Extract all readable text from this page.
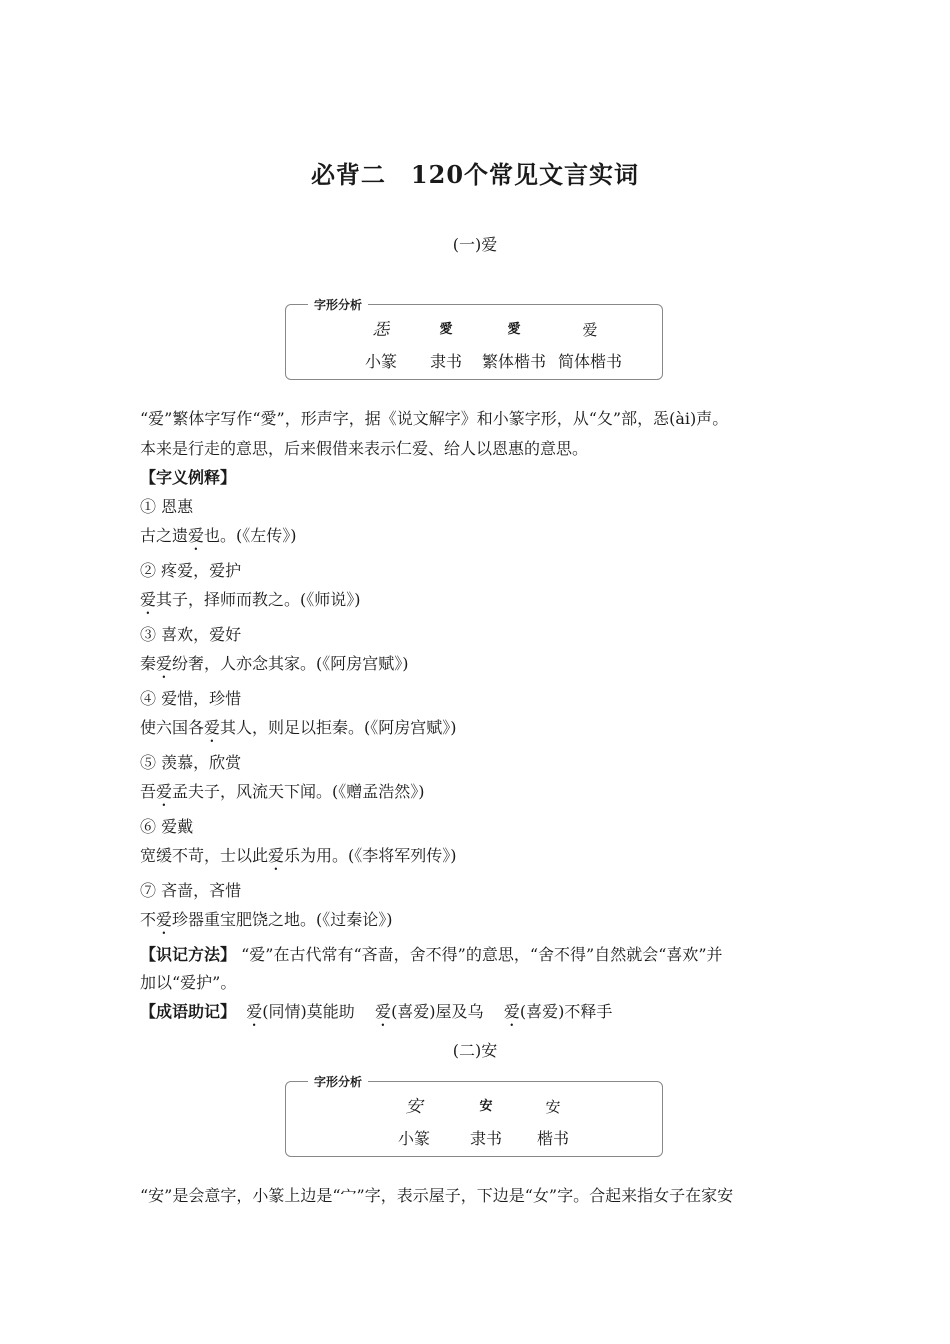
必背二　120个常见文言实词
(一)爱
字形分析
㤅
小篆
愛
隶书
愛
繁体楷书
爱
简体楷书
“爱”繁体字写作“愛”，形声字，据《说文解字》和小篆字形，从“夂”部，㤅(ài)声。
本来是行走的意思，后来假借来表示仁爱、给人以恩惠的意思。
【字义例释】
① 恩惠
古之遗爱也。(《左传》)
② 疼爱，爱护
爱其子，择师而教之。(《师说》)
③ 喜欢，爱好
秦爱纷奢，人亦念其家。(《阿房宫赋》)
④ 爱惜，珍惜
使六国各爱其人，则足以拒秦。(《阿房宫赋》)
⑤ 羡慕，欣赏
吾爱孟夫子，风流天下闻。(《赠孟浩然》)
⑥ 爱戴
宽缓不苛，士以此爱乐为用。(《李将军列传》)
⑦ 吝啬，吝惜
不爱珍器重宝肥饶之地。(《过秦论》)
【识记方法】 “爱”在古代常有“吝啬，舍不得”的意思，“舍不得”自然就会“喜欢”并
加以“爱护”。
【成语助记】 爱(同情)莫能助 爱(喜爱)屋及乌 爱(喜爱)不释手
(二)安
字形分析
安
小篆
安
隶书
安
楷书
“安”是会意字，小篆上边是“宀”字，表示屋子，下边是“女”字。合起来指女子在家安
